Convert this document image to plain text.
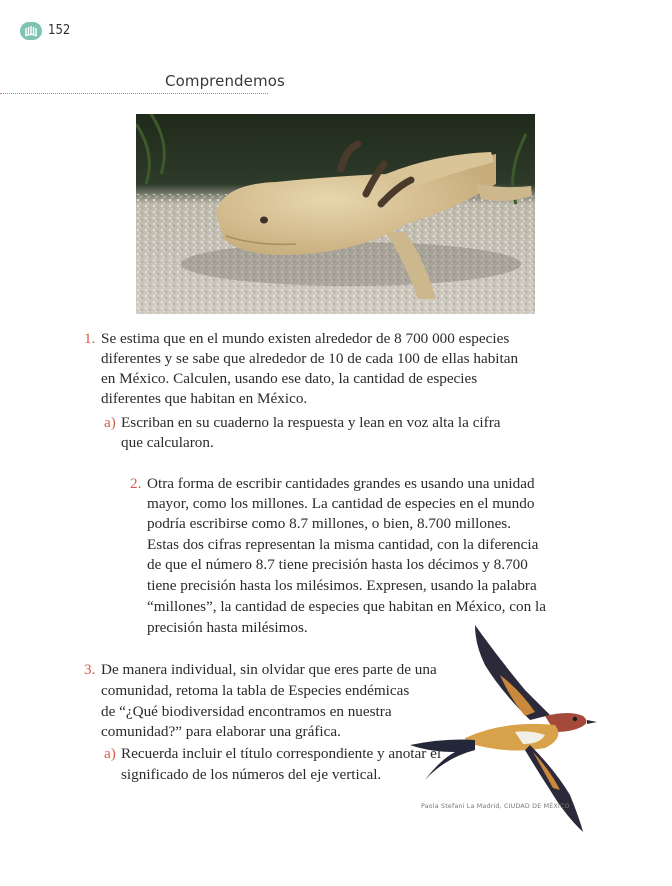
152
Comprendemos

1. Se estima que en el mundo existen alrededor de 8 700 000 especies

diferentes y se sabe que alrededor de 10 de cada 100 de ellas habitan

en México. Calculen, usando ese dato, la cantidad de especies

diferentes que habitan en México.

a) Escriban en su cuaderno la respuesta y lean en voz alta la cifra

que calcularon.

2. Otra forma de escribir cantidades grandes es usando una unidad

mayor, como los millones. La cantidad de especies en el mundo

podría escribirse como 8.7 millones, o bien, 8.700 millones.

Estas dos cifras representan la misma cantidad, con la diferencia

de que el número 8.7 tiene precisión hasta los décimos y 8.700

tiene precisión hasta los milésimos. Expresen, usando la palabra

“millones”, la cantidad de especies que habitan en México, con la

precisión hasta milésimos.

3. De manera individual, sin olvidar que eres parte de una

comunidad, retoma la tabla de Especies endémicas

de “¿Qué biodiversidad encontramos en nuestra

comunidad?” para elaborar una gráfica.

a) Recuerda incluir el título correspondiente y anotar el

significado de los números del eje vertical.

Paola Stefani La Madrid, CIUDAD DE MÉXICO
